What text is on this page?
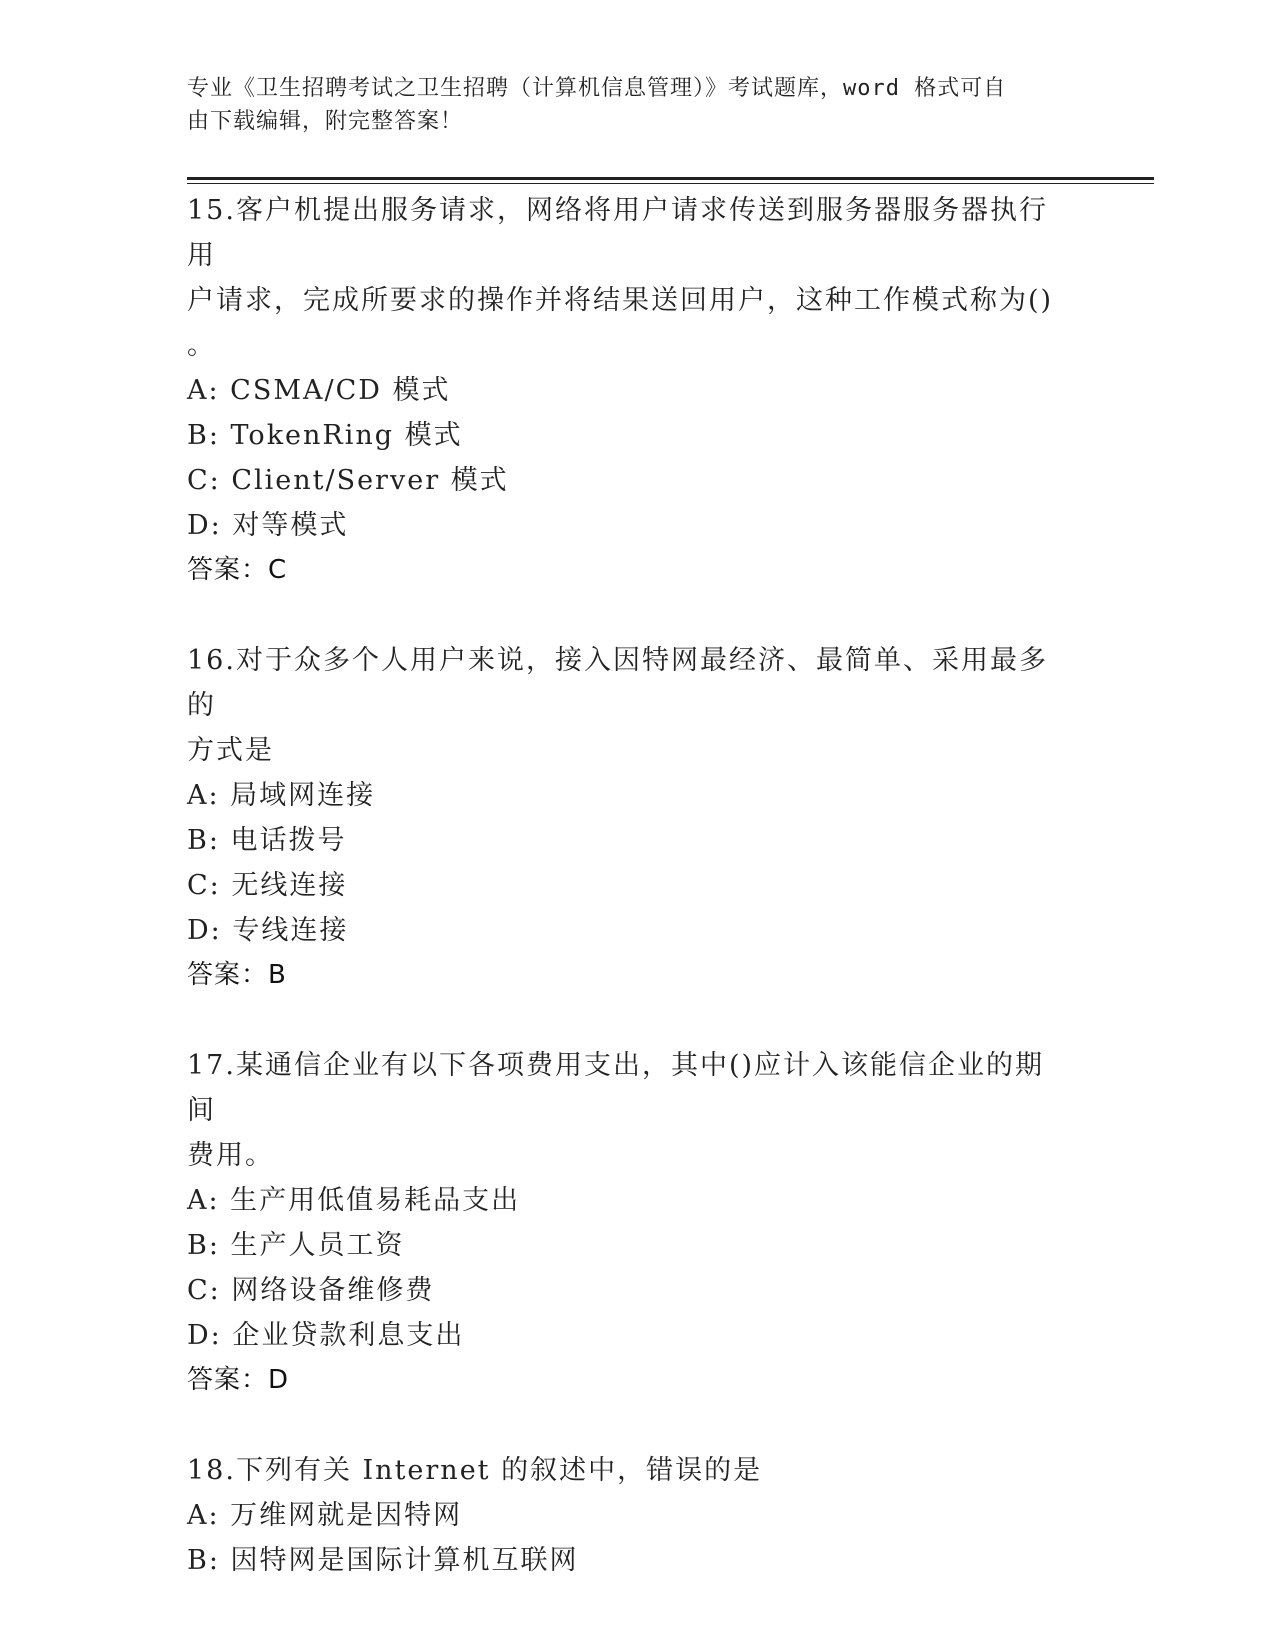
专业《卫生招聘考试之卫生招聘（计算机信息管理）》考试题库，word 格式可自
由下载编辑，附完整答案！
15.客户机提出服务请求，网络将用户请求传送到服务器服务器执行用
户请求，完成所要求的操作并将结果送回用户，这种工作模式称为()
。
A: CSMA/CD 模式
B: TokenRing 模式
C: Client/Server 模式
D: 对等模式
答案：C
16.对于众多个人用户来说，接入因特网最经济、最简单、采用最多的
方式是
A: 局域网连接
B: 电话拨号
C: 无线连接
D: 专线连接
答案：B
17.某通信企业有以下各项费用支出，其中()应计入该能信企业的期间
费用。
A: 生产用低值易耗品支出
B: 生产人员工资
C: 网络设备维修费
D: 企业贷款利息支出
答案：D
18.下列有关 Internet 的叙述中，错误的是
A: 万维网就是因特网
B: 因特网是国际计算机互联网
